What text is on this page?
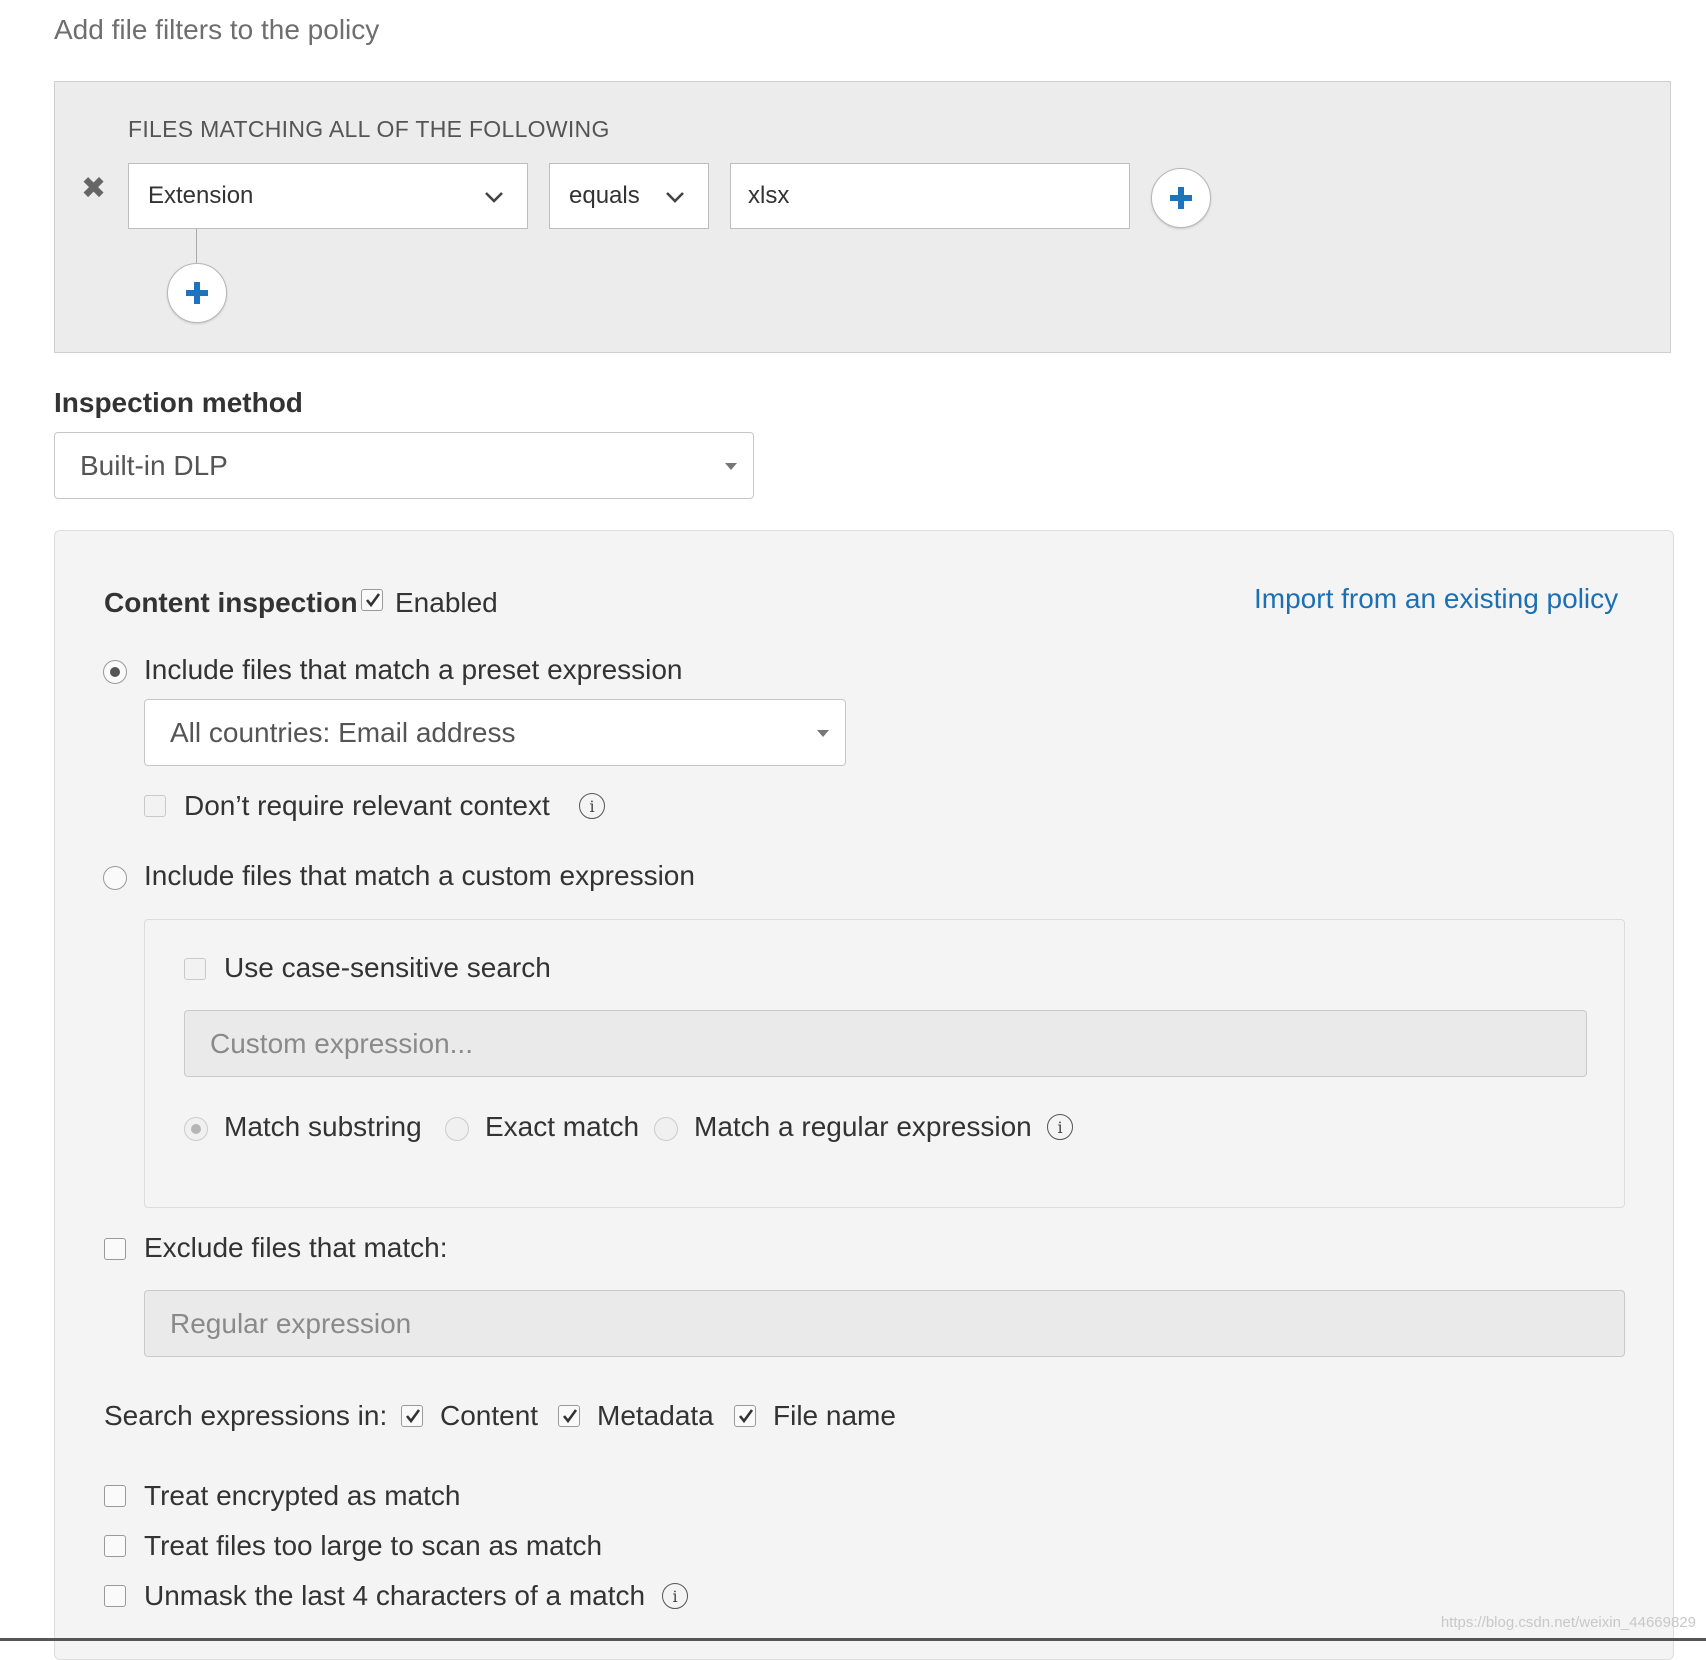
Add file filters to the policy
FILES MATCHING ALL OF THE FOLLOWING
✖ Extension	equals	xlsx
Inspection method
Built-in DLP
Content inspection Enabled	Import from an existing policy
Include files that match a preset expression
All countries: Email address
Don’t require relevant context	i
Include files that match a custom expression
Use case-sensitive search
Custom expression...
Match substring Exact match Match a regular expression	i
Exclude files that match:
Regular expression
Search expressions in: Content Metadata File name
Treat encrypted as match
Treat files too large to scan as match
Unmask the last 4 characters of a match	i
https://blog.csdn.net/weixin_44669829
